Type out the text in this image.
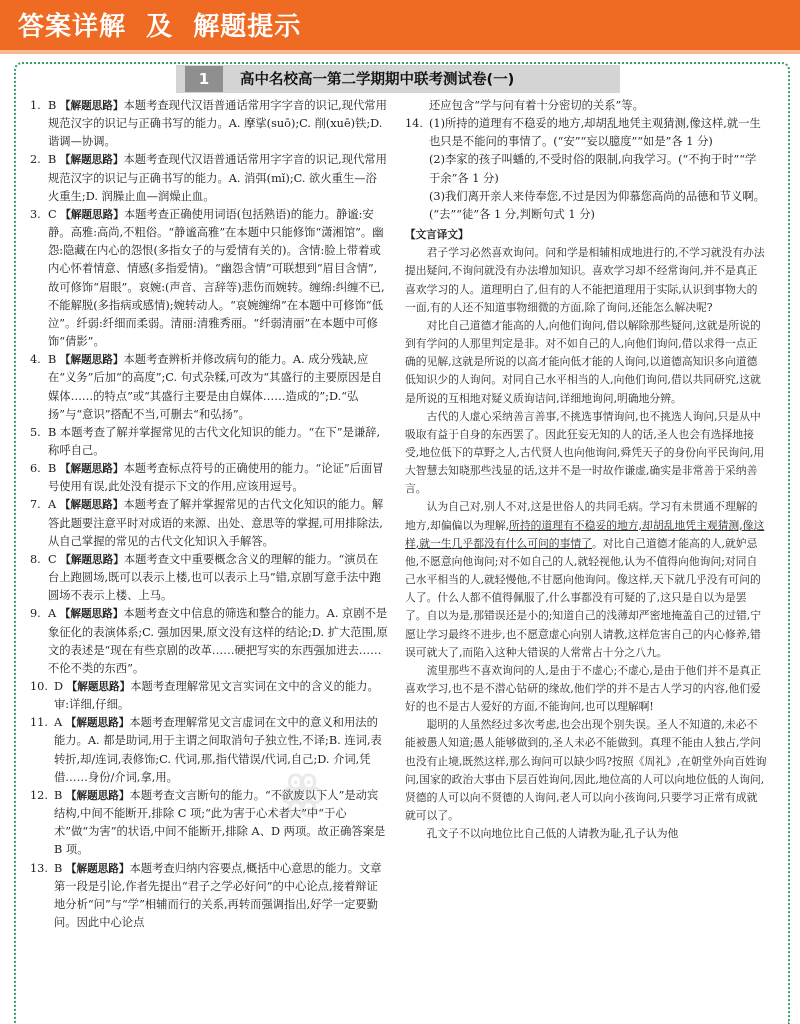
答案详解  及  解题提示
1	高中名校高一第二学期期中联考测试卷(一)
1. B 【解题思路】本题考查现代汉语普通话常用字字音的识记,现代常用规范汉字的识记与正确书写的能力。A. 摩挲(suō);C. 削(xuē)铁;D. 谐调—协调。
2. B 【解题思路】本题考查现代汉语普通话常用字字音的识记,现代常用规范汉字的识记与正确书写的能力。A. 消弭(mǐ);C. 欲火重生—浴火重生;D. 润臊止血—润燥止血。
3. C 【解题思路】本题考查正确使用词语(包括熟语)的能力。静谧:安静。高雅:高尚,不粗俗。“静谧高雅”在本题中只能修饰“潇湘馆”。幽怨:隐藏在内心的怨恨(多指女子的与爱情有关的)。含情:脸上带着或内心怀着情意、情感(多指爱情)。“幽怨含情”可联想到“眉目含情”,故可修饰“眉眼”。哀婉:(声音、言辞等)悲伤而婉转。缠绵:纠缠不已,不能解脱(多指病或感情);婉转动人。“哀婉缠绵”在本题中可修饰“低泣”。纤弱:纤细而柔弱。清丽:清雅秀丽。“纤弱清丽”在本题中可修饰“倩影”。
4. B 【解题思路】本题考查辨析并修改病句的能力。A. 成分残缺,应在“义务”后加“的高度”;C. 句式杂糅,可改为“其盛行的主要原因是自媒体……的特点”或“其盛行主要是由自媒体……造成的”;D.“弘扬”与“意识”搭配不当,可删去“和弘扬”。
5. B 本题考查了解并掌握常见的古代文化知识的能力。“在下”是谦辞,称呼自己。
6. B 【解题思路】本题考查标点符号的正确使用的能力。“论证”后面冒号使用有误,此处没有提示下文的作用,应该用逗号。
7. A 【解题思路】本题考查了解并掌握常见的古代文化知识的能力。解答此题要注意平时对成语的来源、出处、意思等的掌握,可用排除法,从自己掌握的常见的古代文化知识入手解答。
8. C 【解题思路】本题考查文中重要概念含义的理解的能力。“演员在台上跑圆场,既可以表示上楼,也可以表示上马”错,京剧写意手法中跑圆场不表示上楼、上马。
9. A 【解题思路】本题考查文中信息的筛选和整合的能力。A. 京剧不是象征化的表演体系;C. 强加因果,原文没有这样的结论;D. 扩大范围,原文的表述是“现在有些京剧的改革……硬把写实的东西强加进去……不伦不类的东西”。
10. D 【解题思路】本题考查理解常见文言实词在文中的含义的能力。审:详细,仔细。
11. A 【解题思路】本题考查理解常见文言虚词在文中的意义和用法的能力。A. 都是助词,用于主谓之间取消句子独立性,不译;B. 连词,表转折,却/连词,表修饰;C. 代词,那,指代错误/代词,自己;D. 介词,凭借……身份/介词,拿,用。
12. B 【解题思路】本题考查文言断句的能力。“不欲废以下人”是动宾结构,中间不能断开,排除 C 项;“此为害于心术者大”中“于心术”做“为害”的状语,中间不能断开,排除 A、D 两项。故正确答案是 B 项。
13. B 【解题思路】本题考查归纳内容要点,概括中心意思的能力。文章第一段是引论,作者先提出“君子之学必好问”的中心论点,接着辩证地分析“问”与“学”相辅而行的关系,再转而强调指出,好学一定要勤问。因此中心论点
还应包含“学与问有着十分密切的关系”等。
14. (1)所持的道理有不稳妥的地方,却胡乱地凭主观猜测,像这样,就一生也只是不能问的事情了。(“安”“妄以臆度”“如是”各 1 分)
(2)李家的孩子叫蟠的,不受时俗的限制,向我学习。(“不拘于时”“学于余”各 1 分)
(3)我们离开亲人来侍奉您,不过是因为仰慕您高尚的品德和节义啊。(“去”“徒”各 1 分,判断句式 1 分)
【文言译文】

君子学习必然喜欢询问。问和学是相辅相成地进行的,不学习就没有办法提出疑问,不询问就没有办法增加知识。喜欢学习却不经常询问,并不是真正喜欢学习的人。道理明白了,但有的人不能把道理用于实际,认识到事物大的一面,有的人还不知道事物细微的方面,除了询问,还能怎么解决呢?

对比自己道德才能高的人,向他们询问,借以解除那些疑问,这就是所说的到有学问的人那里判定是非。对不如自己的人,向他们询问,借以求得一点正确的见解,这就是所说的以高才能向低才能的人询问,以道德高知识多向道德低知识少的人询问。对同自己水平相当的人,向他们询问,借以共同研究,这就是所说的互相地对疑义质询诘问,详细地询问,明确地分辨。

古代的人虚心采纳善言善事,不挑选事情询问,也不挑选人询问,只是从中吸取有益于自身的东西罢了。因此狂妄无知的人的话,圣人也会有选择地接受,地位低下的草野之人,古代贤人也向他询问,舜凭天子的身份向平民询问,用大智慧去知晓那些浅显的话,这并不是一时故作谦虚,确实是非常善于采纳善言。

认为自己对,别人不对,这是世俗人的共同毛病。学习有未贯通不理解的地方,却偏偏以为理解,所持的道理有不稳妥的地方,却胡乱地凭主观猜测,像这样,就一生几乎都没有什么可问的事情了。对比自己道德才能高的人,就妒忌他,不愿意向他询问;对不如自己的人,就轻视他,认为不值得向他询问;对同自己水平相当的人,就轻慢他,不甘愿向他询问。像这样,天下就几乎没有可问的人了。什么人都不值得佩服了,什么事都没有可疑的了,这只是自以为是罢了。自以为是,那错误还是小的;知道自己的浅薄却严密地掩盖自己的过错,宁愿让学习最终不进步,也不愿意虚心向别人请教,这样危害自己的内心修养,错误可就大了,而陷入这种大错误的人常常占十分之八九。

流里那些不喜欢询问的人,是由于不虚心;不虚心,是由于他们并不是真正喜欢学习,也不是不潜心钻研的缘故,他们学的并不是古人学习的内容,他们爱好的也不是古人爱好的方面,不能询问,也可以理解啊!

聪明的人虽然经过多次考虑,也会出现个别失误。圣人不知道的,未必不能被愚人知道;愚人能够做到的,圣人未必不能做到。真理不能由人独占,学问也没有止境,既然这样,那么询问可以缺少吗?按照《周礼》,在朝堂外向百姓询问,国家的政治大事由下层百姓询问,因此,地位高的人可以向地位低的人询问,贤德的人可以向不贤德的人询问,老人可以向小孩询问,只要学习正常有成就就可以了。

孔文子不以向地位比自己低的人请教为耻,孔子认为他

ꙮ
